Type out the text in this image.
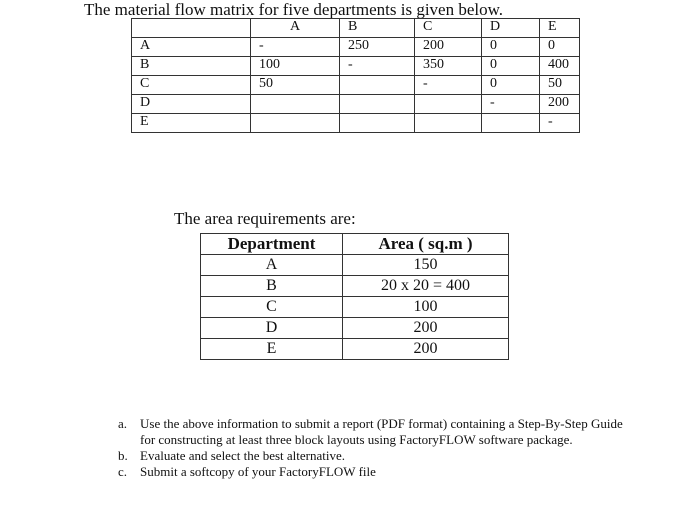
The material flow matrix for five departments is given below.
	A	B	C	D	E
A	-	250	200	0	0
B	100	-	350	0	400
C	50		-	0	50
D				-	200
E					-
The area requirements are:
Department	Area ( sq.m )
A	150
B	20 x 20 = 400
C	100
D	200
E	200
a. Use the above information to submit a report (PDF format) containing a Step-By-Step Guide for constructing at least three block layouts using FactoryFLOW software package.
b. Evaluate and select the best alternative.
c. Submit a softcopy of your FactoryFLOW file
